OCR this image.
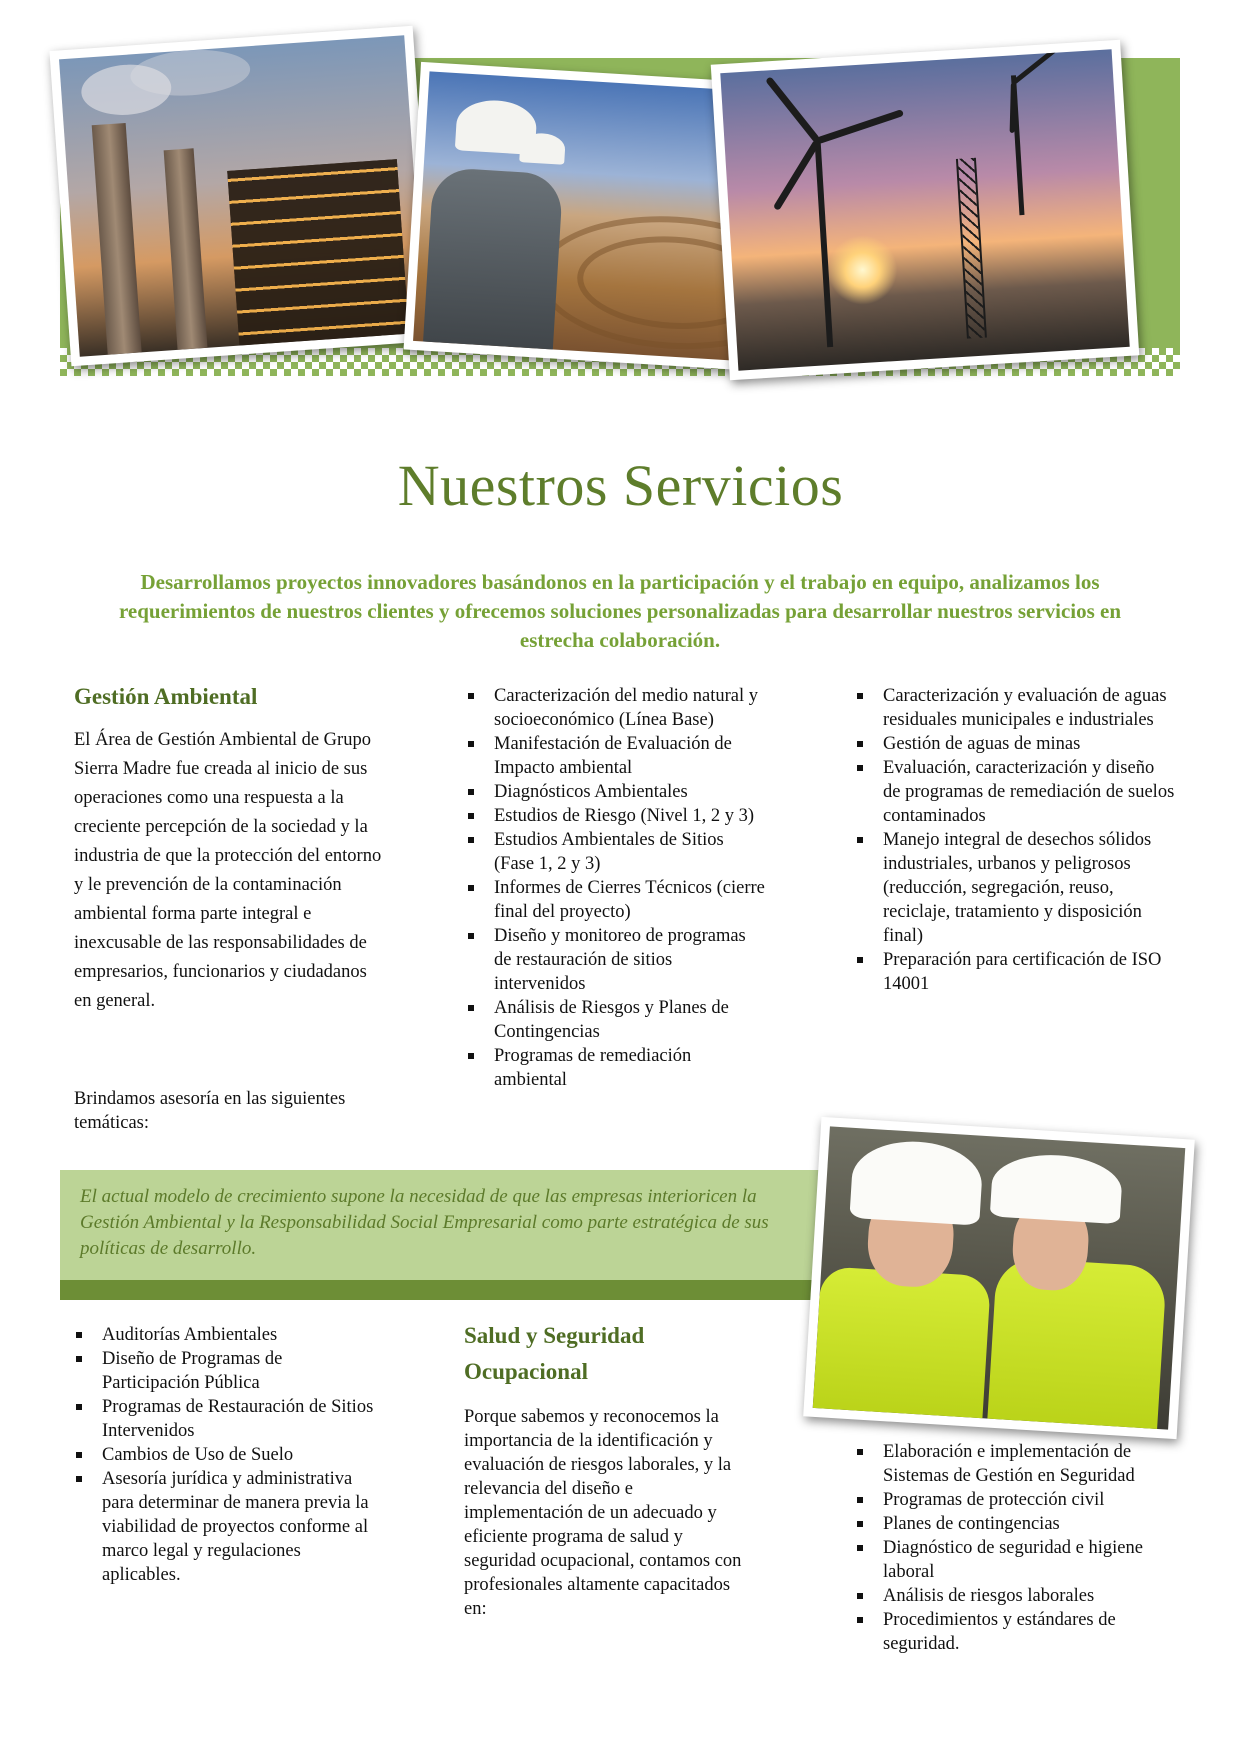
Nuestros Servicios
Desarrollamos proyectos innovadores basándonos en la participación y el trabajo en equipo, analizamos los requerimientos de nuestros clientes y ofrecemos soluciones personalizadas para desarrollar nuestros servicios en estrecha colaboración.
Gestión Ambiental
El Área de Gestión Ambiental de Grupo Sierra Madre fue creada al inicio de sus operaciones como una respuesta a la creciente percepción de la sociedad y la industria de que la protección del entorno y le prevención de la contaminación ambiental forma parte integral e inexcusable de las responsabilidades de empresarios, funcionarios y ciudadanos en general.
Brindamos asesoría en las siguientes temáticas:
Caracterización del medio natural y socioeconómico (Línea Base)
Manifestación de Evaluación de Impacto ambiental
Diagnósticos Ambientales
Estudios de Riesgo (Nivel 1, 2 y 3)
Estudios Ambientales de Sitios (Fase 1, 2 y 3)
Informes de Cierres Técnicos (cierre final del proyecto)
Diseño y monitoreo de programas de restauración de sitios intervenidos
Análisis de Riesgos y Planes de Contingencias
Programas de remediación ambiental
Caracterización y evaluación de aguas residuales municipales e industriales
Gestión de aguas de minas
Evaluación, caracterización y diseño de programas de remediación de suelos contaminados
Manejo integral de desechos sólidos industriales, urbanos y peligrosos (reducción, segregación, reuso, reciclaje, tratamiento y disposición final)
Preparación para certificación de ISO 14001
El actual modelo de crecimiento supone la necesidad de que las empresas interioricen la Gestión Ambiental y la Responsabilidad Social Empresarial como parte estratégica de sus políticas de desarrollo.
Auditorías Ambientales
Diseño de Programas de Participación Pública
Programas de Restauración de Sitios Intervenidos
Cambios de Uso de Suelo
Asesoría jurídica y administrativa para determinar de manera previa la viabilidad de proyectos conforme al marco legal y regulaciones aplicables.
Salud y Seguridad Ocupacional
Porque sabemos y reconocemos la importancia de la identificación y evaluación de riesgos laborales, y la relevancia del diseño e implementación de un adecuado y eficiente programa de salud y seguridad ocupacional, contamos con profesionales altamente capacitados en:
Elaboración e implementación de Sistemas de Gestión en Seguridad
Programas de protección civil
Planes de contingencias
Diagnóstico de seguridad e higiene laboral
Análisis de riesgos laborales
Procedimientos y estándares de seguridad.
